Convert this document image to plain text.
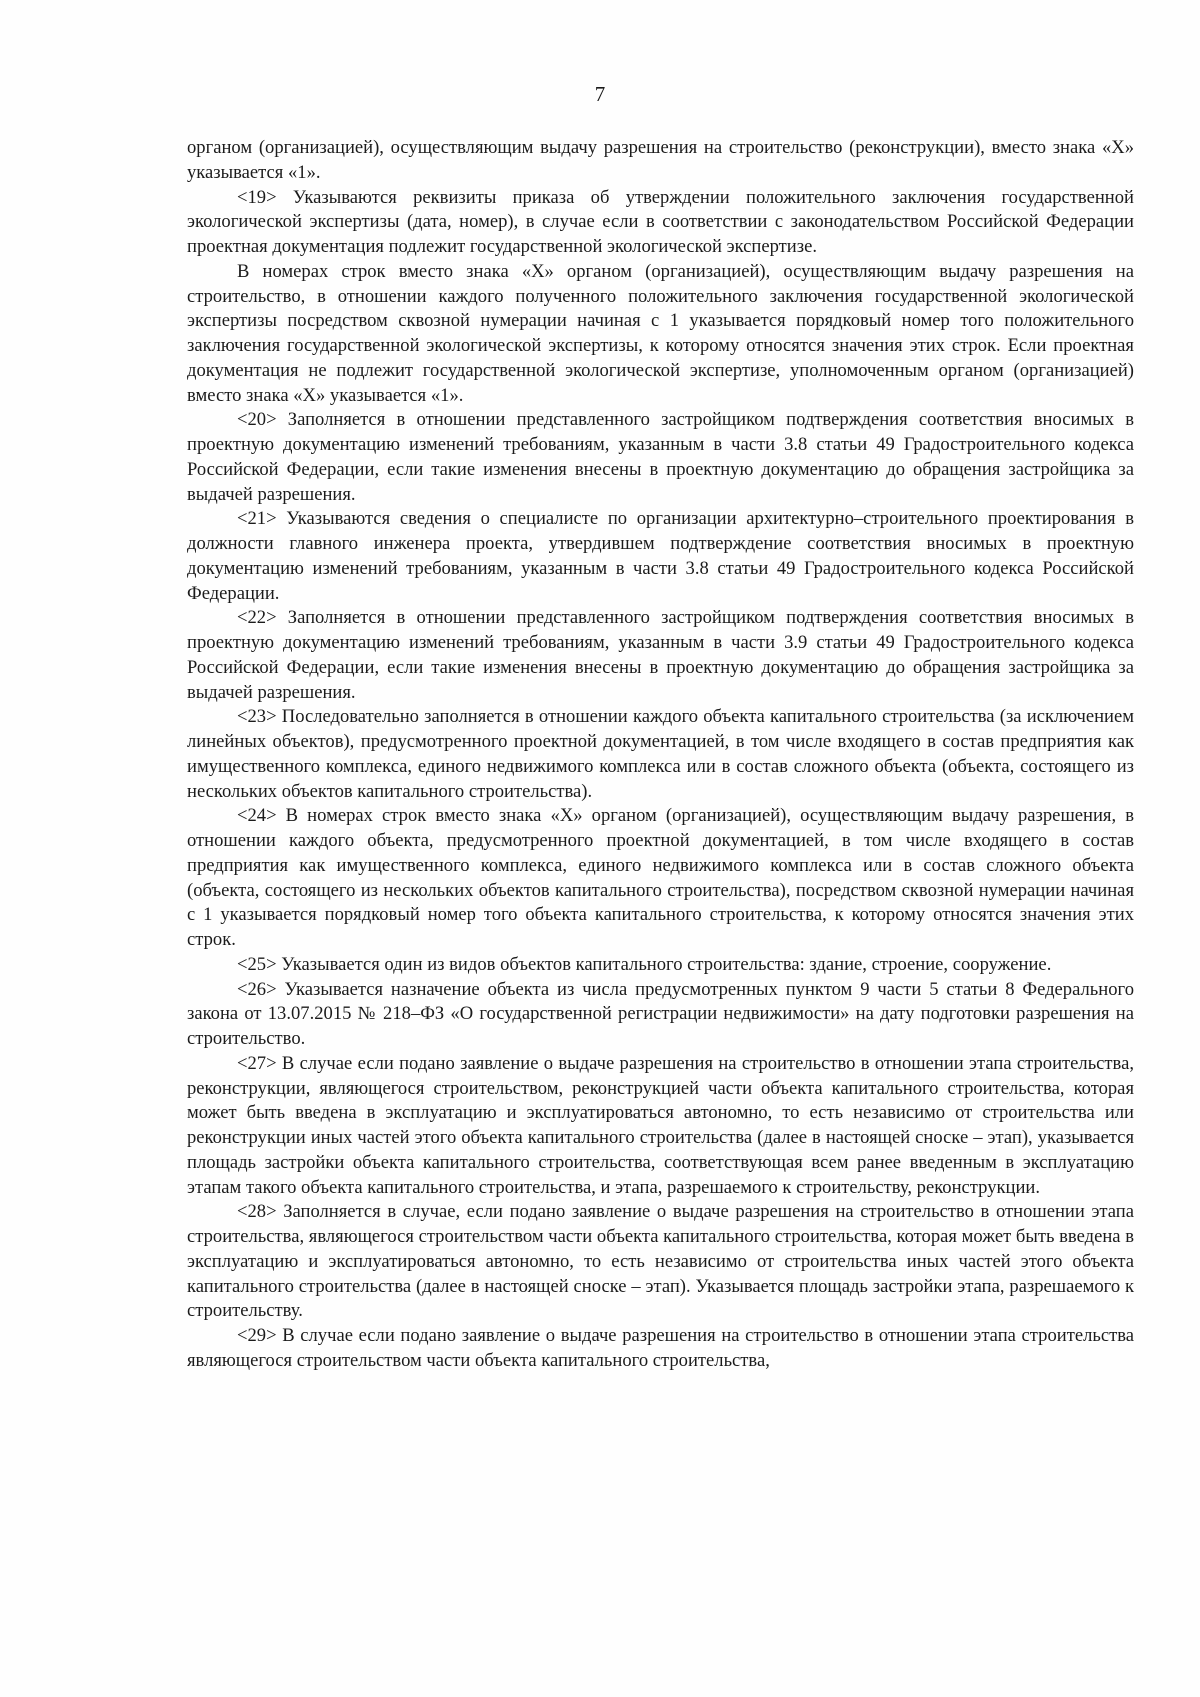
7

органом (организацией), осуществляющим выдачу разрешения на строительство (реконструкции), вместо знака «Х» указывается «1».

<19> Указываются реквизиты приказа об утверждении положительного заключения государственной экологической экспертизы (дата, номер), в случае если в соответствии с законодательством Российской Федерации проектная документация подлежит государственной экологической экспертизе.

В номерах строк вместо знака «Х» органом (организацией), осуществляющим выдачу разрешения на строительство, в отношении каждого полученного положительного заключения государственной экологической экспертизы посредством сквозной нумерации начиная с 1 указывается порядковый номер того положительного заключения государственной экологической экспертизы, к которому относятся значения этих строк. Если проектная документация не подлежит государственной экологической экспертизе, уполномоченным органом (организацией) вместо знака «Х» указывается «1».

<20> Заполняется в отношении представленного застройщиком подтверждения соответствия вносимых в проектную документацию изменений требованиям, указанным в части 3.8 статьи 49 Градостроительного кодекса Российской Федерации, если такие изменения внесены в проектную документацию до обращения застройщика за выдачей разрешения.

<21> Указываются сведения о специалисте по организации архитектурно–строительного проектирования в должности главного инженера проекта, утвердившем подтверждение соответствия вносимых в проектную документацию изменений требованиям, указанным в части 3.8 статьи 49 Градостроительного кодекса Российской Федерации.

<22> Заполняется в отношении представленного застройщиком подтверждения соответствия вносимых в проектную документацию изменений требованиям, указанным в части 3.9 статьи 49 Градостроительного кодекса Российской Федерации, если такие изменения внесены в проектную документацию до обращения застройщика за выдачей разрешения.

<23> Последовательно заполняется в отношении каждого объекта капитального строительства (за исключением линейных объектов), предусмотренного проектной документацией, в том числе входящего в состав предприятия как имущественного комплекса, единого недвижимого комплекса или в состав сложного объекта (объекта, состоящего из нескольких объектов капитального строительства).

<24> В номерах строк вместо знака «Х» органом (организацией), осуществляющим выдачу разрешения, в отношении каждого объекта, предусмотренного проектной документацией, в том числе входящего в состав предприятия как имущественного комплекса, единого недвижимого комплекса или в состав сложного объекта (объекта, состоящего из нескольких объектов капитального строительства), посредством сквозной нумерации начиная с 1 указывается порядковый номер того объекта капитального строительства, к которому относятся значения этих строк.

<25> Указывается один из видов объектов капитального строительства: здание, строение, сооружение.

<26> Указывается назначение объекта из числа предусмотренных пунктом 9 части 5 статьи 8 Федерального закона от 13.07.2015 № 218–ФЗ «О государственной регистрации недвижимости» на дату подготовки разрешения на строительство.

<27> В случае если подано заявление о выдаче разрешения на строительство в отношении этапа строительства, реконструкции, являющегося строительством, реконструкцией части объекта капитального строительства, которая может быть введена в эксплуатацию и эксплуатироваться автономно, то есть независимо от строительства или реконструкции иных частей этого объекта капитального строительства (далее в настоящей сноске – этап), указывается площадь застройки объекта капитального строительства, соответствующая всем ранее введенным в эксплуатацию этапам такого объекта капитального строительства, и этапа, разрешаемого к строительству, реконструкции.

<28> Заполняется в случае, если подано заявление о выдаче разрешения на строительство в отношении этапа строительства, являющегося строительством части объекта капитального строительства, которая может быть введена в эксплуатацию и эксплуатироваться автономно, то есть независимо от строительства иных частей этого объекта капитального строительства (далее в настоящей сноске – этап). Указывается площадь застройки этапа, разрешаемого к строительству.

<29> В случае если подано заявление о выдаче разрешения на строительство в отношении этапа строительства являющегося строительством части объекта капитального строительства,
